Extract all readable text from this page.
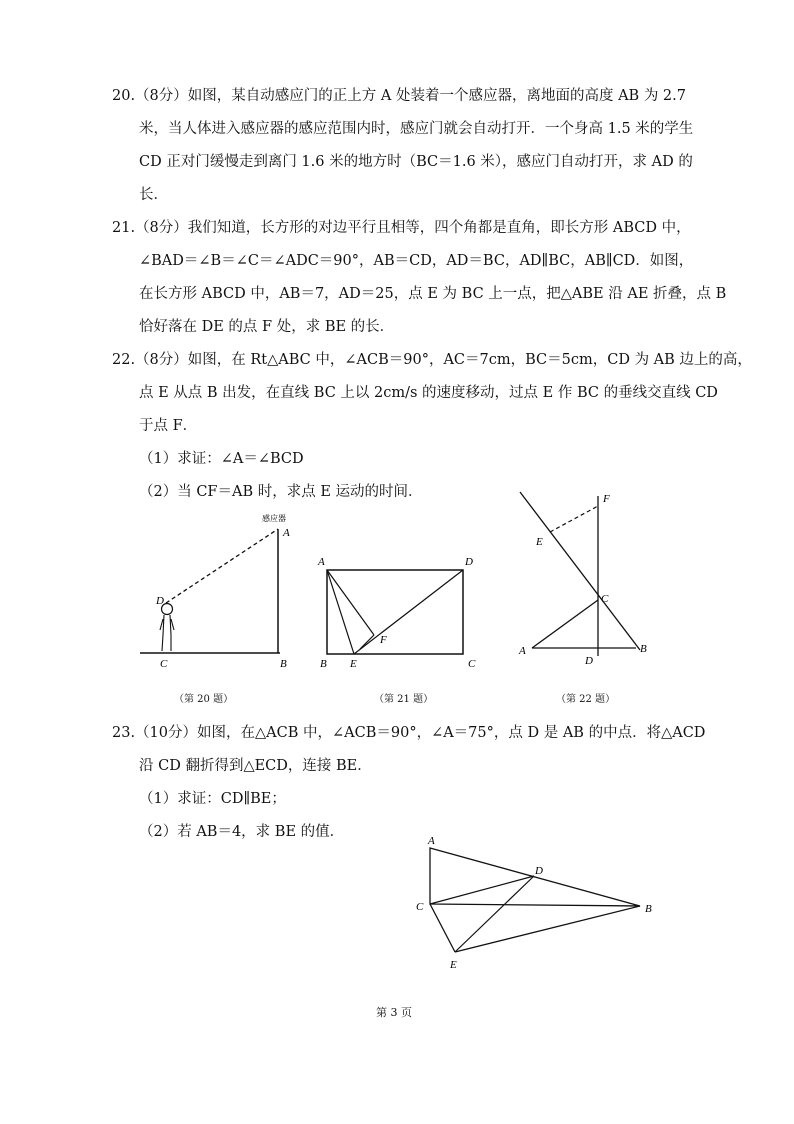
20.（8分）如图，某自动感应门的正上方 A 处装着一个感应器，离地面的高度 AB 为 2.7
米，当人体进入感应器的感应范围内时，感应门就会自动打开．一个身高 1.5 米的学生
CD 正对门缓慢走到离门 1.6 米的地方时（BC＝1.6 米），感应门自动打开，求 AD 的
长．
21.（8分）我们知道，长方形的对边平行且相等，四个角都是直角，即长方形 ABCD 中，
∠BAD＝∠B＝∠C＝∠ADC＝90°，AB＝CD，AD＝BC，AD∥BC，AB∥CD．如图，
在长方形 ABCD 中，AB＝7，AD＝25，点 E 为 BC 上一点，把△ABE 沿 AE 折叠，点 B
恰好落在 DE 的点 F 处，求 BE 的长．
22.（8分）如图，在 Rt△ABC 中，∠ACB＝90°，AC＝7cm，BC＝5cm，CD 为 AB 边上的高，
点 E 从点 B 出发，在直线 BC 上以 2cm/s 的速度移动，过点 E 作 BC 的垂线交直线 CD
于点 F．
（1）求证：∠A＝∠BCD
（2）当 CF＝AB 时，求点 E 运动的时间．
感应器
A
B
C
D
（第 20 题）
A	D
B E
F
C
（第 21 题）
F
E
C
A
D
B
（第 22 题）
23.（10分）如图，在△ACB 中，∠ACB＝90°，∠A＝75°，点 D 是 AB 的中点．将△ACD
沿 CD 翻折得到△ECD，连接 BE．
（1）求证：CD∥BE；
（2）若 AB＝4，求 BE 的值．
A
D
C	B
E
第 3 页
